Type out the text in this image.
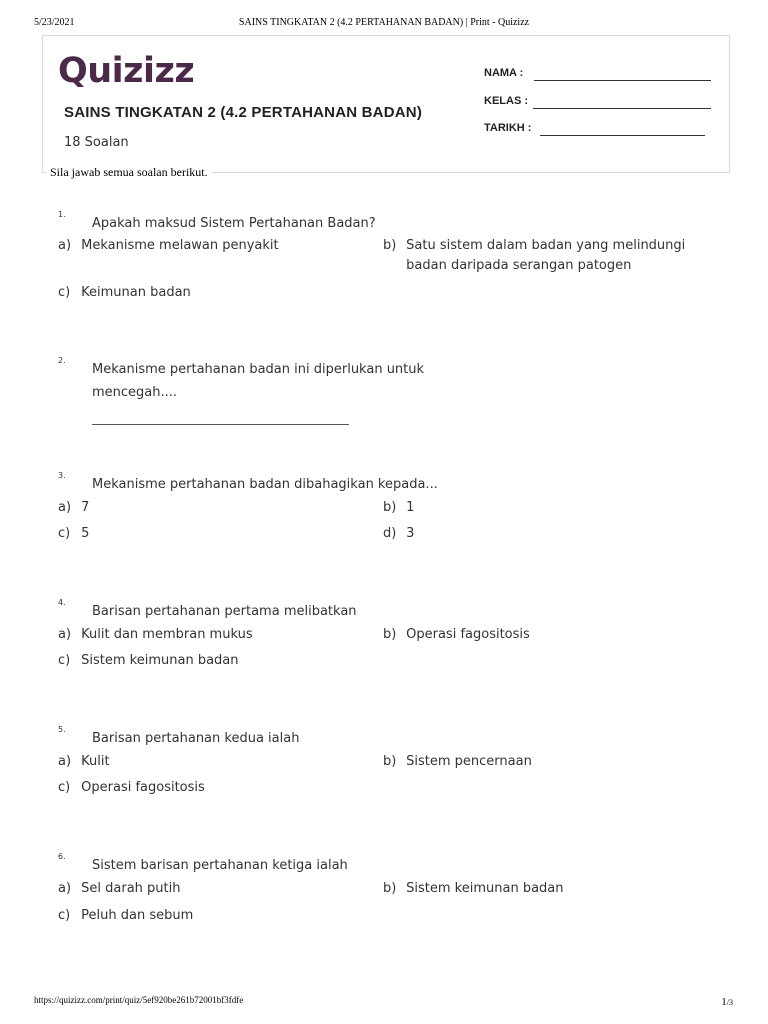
5/23/2021	SAINS TINGKATAN 2 (4.2 PERTAHANAN BADAN) | Print - Quizizz
Quizizz
SAINS TINGKATAN 2 (4.2 PERTAHANAN BADAN)
18 Soalan
NAMA :
KELAS :
TARIKH :
Sila jawab semua soalan berikut.
1.
Apakah maksud Sistem Pertahanan Badan?
a) Mekanisme melawan penyakit	b) Satu sistem dalam badan yang melindungi badan daripada serangan patogen
c) Keimunan badan
2.
Mekanisme pertahanan badan ini diperlukan untuk mencegah....
3.
Mekanisme pertahanan badan dibahagikan kepada...
a) 7	b) 1
c) 5	d) 3
4.
Barisan pertahanan pertama melibatkan
a) Kulit dan membran mukus	b) Operasi fagositosis
c) Sistem keimunan badan
5.
Barisan pertahanan kedua ialah
a) Kulit	b) Sistem pencernaan
c) Operasi fagositosis
6.
Sistem barisan pertahanan ketiga ialah
a) Sel darah putih	b) Sistem keimunan badan
c) Peluh dan sebum
https://quizizz.com/print/quiz/5ef920be261b72001bf3fdfe	1/3
